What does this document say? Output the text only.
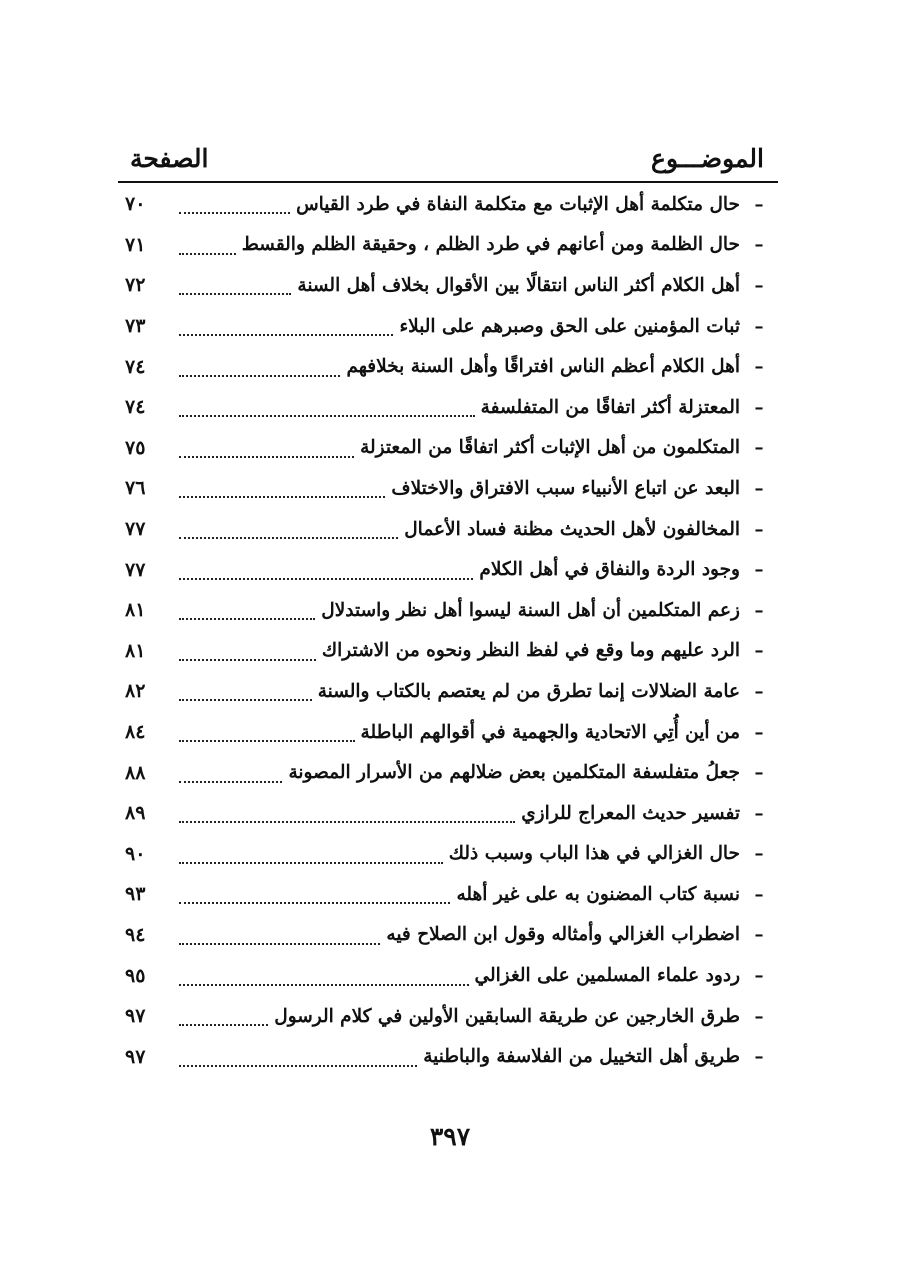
الموضـــوع
الصفحة
–
حال متكلمة أهل الإثبات مع متكلمة النفاة في طرد القياس
٧٠
–
حال الظلمة ومن أعانهم في طرد الظلم ، وحقيقة الظلم والقسط
٧١
–
أهل الكلام أكثر الناس انتقالًا بين الأقوال بخلاف أهل السنة
٧٢
–
ثبات المؤمنين على الحق وصبرهم على البلاء
٧٣
–
أهل الكلام أعظم الناس افتراقًا وأهل السنة بخلافهم
٧٤
–
المعتزلة أكثر اتفاقًا من المتفلسفة
٧٤
–
المتكلمون من أهل الإثبات أكثر اتفاقًا من المعتزلة
٧٥
–
البعد عن اتباع الأنبياء سبب الافتراق والاختلاف
٧٦
–
المخالفون لأهل الحديث مظنة فساد الأعمال
٧٧
–
وجود الردة والنفاق في أهل الكلام
٧٧
–
زعم المتكلمين أن أهل السنة ليسوا أهل نظر واستدلال
٨١
–
الرد عليهم وما وقع في لفظ النظر ونحوه من الاشتراك
٨١
–
عامة الضلالات إنما تطرق من لم يعتصم بالكتاب والسنة
٨٢
–
من أين أُتِي الاتحادية والجهمية في أقوالهم الباطلة
٨٤
–
جعلُ متفلسفة المتكلمين بعض ضلالهم من الأسرار المصونة
٨٨
–
تفسير حديث المعراج للرازي
٨٩
–
حال الغزالي في هذا الباب وسبب ذلك
٩٠
–
نسبة كتاب المضنون به على غير أهله
٩٣
–
اضطراب الغزالي وأمثاله وقول ابن الصلاح فيه
٩٤
–
ردود علماء المسلمين على الغزالي
٩٥
–
طرق الخارجين عن طريقة السابقين الأولين في كلام الرسول
٩٧
–
طريق أهل التخييل من الفلاسفة والباطنية
٩٧
٣٩٧
